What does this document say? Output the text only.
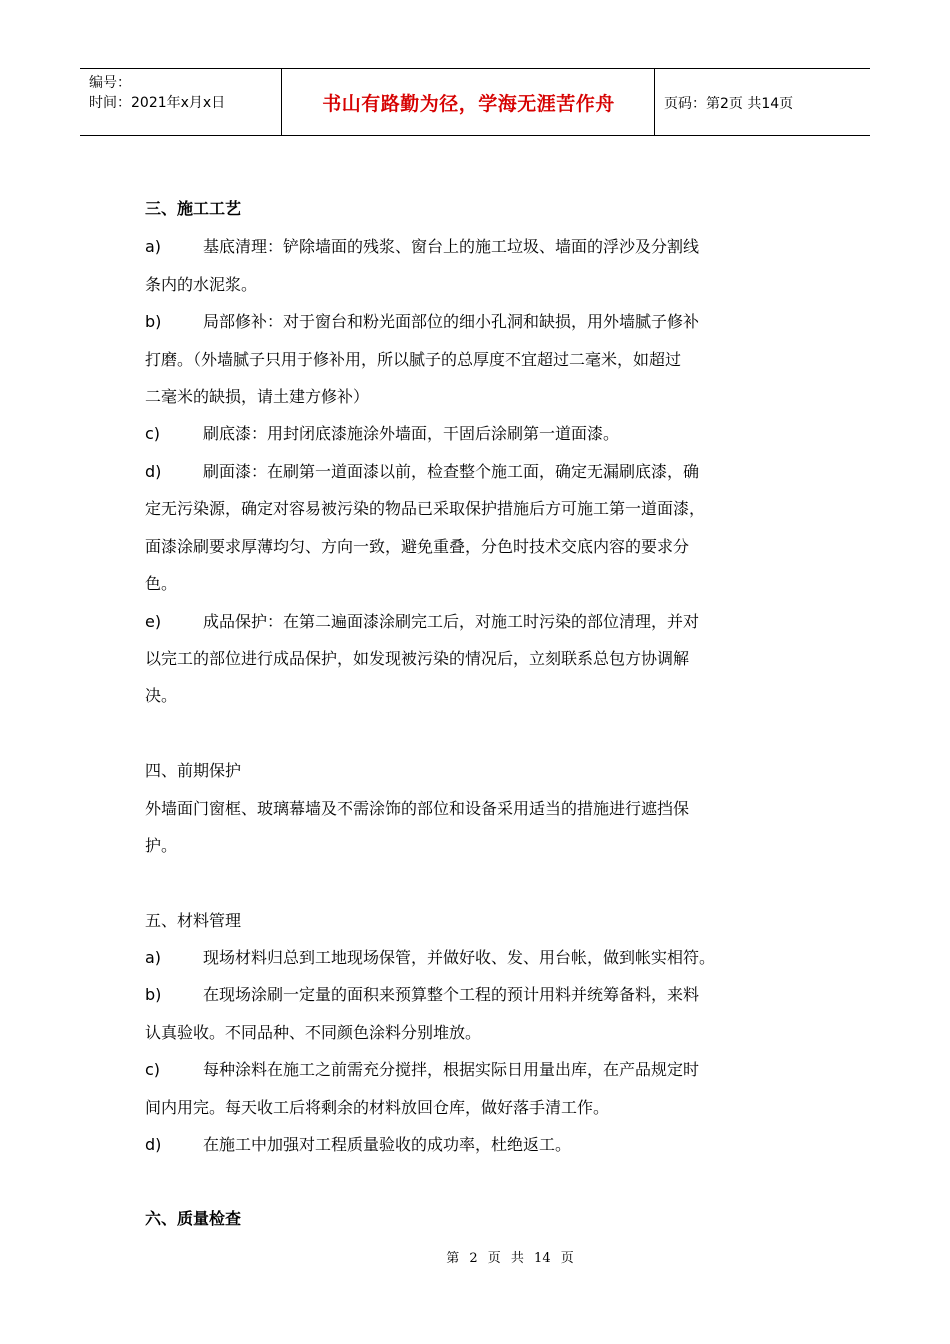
编号：
时间：2021年x月x日	书山有路勤为径，学海无涯苦作舟	页码：第2页 共14页
三、施工工艺
a)	基底清理：铲除墙面的残浆、窗台上的施工垃圾、墙面的浮沙及分割线
条内的水泥浆。
b)	局部修补：对于窗台和粉光面部位的细小孔洞和缺损，用外墙腻子修补
打磨。（外墙腻子只用于修补用，所以腻子的总厚度不宜超过二毫米，如超过
二毫米的缺损，请土建方修补）
c)	刷底漆：用封闭底漆施涂外墙面，干固后涂刷第一道面漆。
d)	刷面漆：在刷第一道面漆以前，检查整个施工面，确定无漏刷底漆，确
定无污染源，确定对容易被污染的物品已采取保护措施后方可施工第一道面漆，
面漆涂刷要求厚薄均匀、方向一致，避免重叠，分色时技术交底内容的要求分
色。
e)	成品保护：在第二遍面漆涂刷完工后，对施工时污染的部位清理，并对
以完工的部位进行成品保护，如发现被污染的情况后，立刻联系总包方协调解
决。
四、前期保护
外墙面门窗框、玻璃幕墙及不需涂饰的部位和设备采用适当的措施进行遮挡保
护。
五、材料管理
a)	现场材料归总到工地现场保管，并做好收、发、用台帐，做到帐实相符。
b)	在现场涂刷一定量的面积来预算整个工程的预计用料并统筹备料，来料
认真验收。不同品种、不同颜色涂料分别堆放。
c)	每种涂料在施工之前需充分搅拌，根据实际日用量出库，在产品规定时
间内用完。每天收工后将剩余的材料放回仓库，做好落手清工作。
d)	在施工中加强对工程质量验收的成功率，杜绝返工。
六、质量检查
第 2 页 共 14 页
